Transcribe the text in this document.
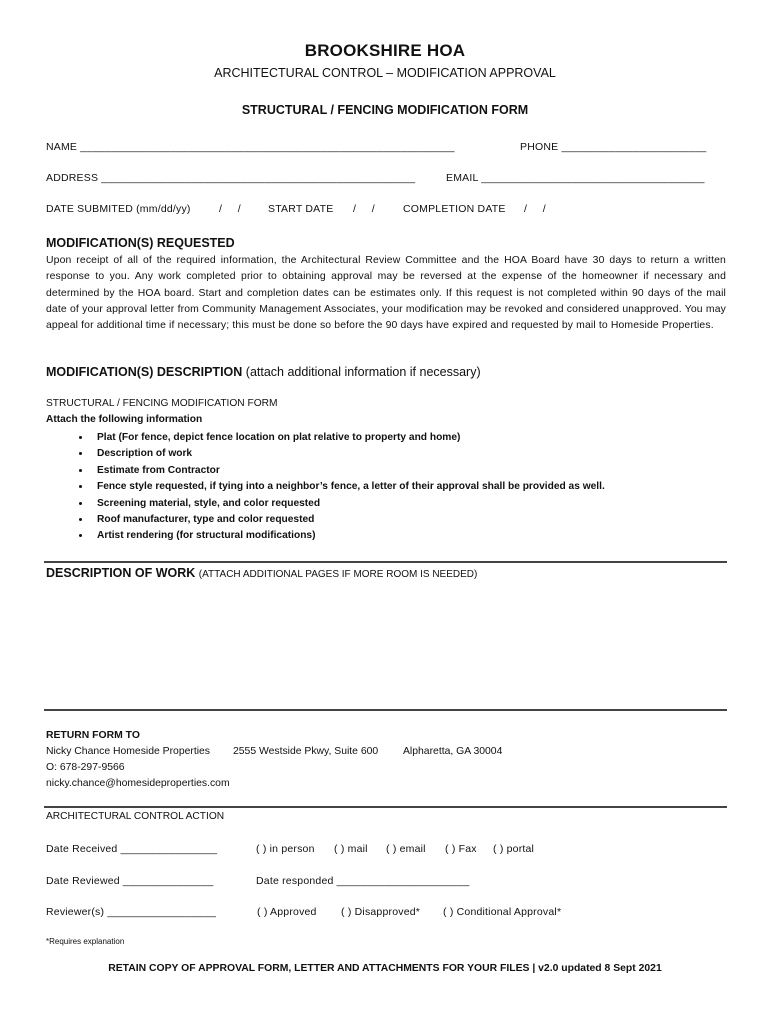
BROOKSHIRE HOA
ARCHITECTURAL CONTROL – MODIFICATION APPROVAL
STRUCTURAL / FENCING MODIFICATION FORM
NAME ______________________________________________________________	PHONE ________________________
ADDRESS ____________________________________________________	EMAIL _____________________________________
DATE SUBMITED (mm/dd/yy)	/     /	START DATE /     /	COMPLETION DATE /     /
MODIFICATION(S) REQUESTED
Upon receipt of all of the required information, the Architectural Review Committee and the HOA Board have 30 days to return a written response to you. Any work completed prior to obtaining approval may be reversed at the expense of the homeowner if necessary and determined by the HOA board. Start and completion dates can be estimates only. If this request is not completed within 90 days of the mail date of your approval letter from Community Management Associates, your modification may be revoked and considered unapproved. You may appeal for additional time if necessary; this must be done so before the 90 days have expired and requested by mail to Homeside Properties.
MODIFICATION(S) DESCRIPTION (attach additional information if necessary)
STRUCTURAL / FENCING MODIFICATION FORM
Attach the following information
• Plat (For fence, depict fence location on plat relative to property and home)
• Description of work
• Estimate from Contractor
• Fence style requested, if tying into a neighbor’s fence, a letter of their approval shall be provided as well.
• Screening material, style, and color requested
• Roof manufacturer, type and color requested
• Artist rendering (for structural modifications)
DESCRIPTION OF WORK (ATTACH ADDITIONAL PAGES IF MORE ROOM IS NEEDED)
RETURN FORM TO
Nicky Chance Homeside Properties 2555 Westside Pkwy, Suite 600 Alpharetta, GA 30004
O: 678-297-9566
nicky.chance@homesideproperties.com
ARCHITECTURAL CONTROL ACTION
Date Received ________________	( ) in person ( ) mail ( ) email ( ) Fax ( ) portal
Date Reviewed _______________	Date responded ______________________
Reviewer(s) __________________	( ) Approved ( ) Disapproved* ( ) Conditional Approval*
*Requires explanation
RETAIN COPY OF APPROVAL FORM, LETTER AND ATTACHMENTS FOR YOUR FILES | v2.0 updated 8 Sept 2021
